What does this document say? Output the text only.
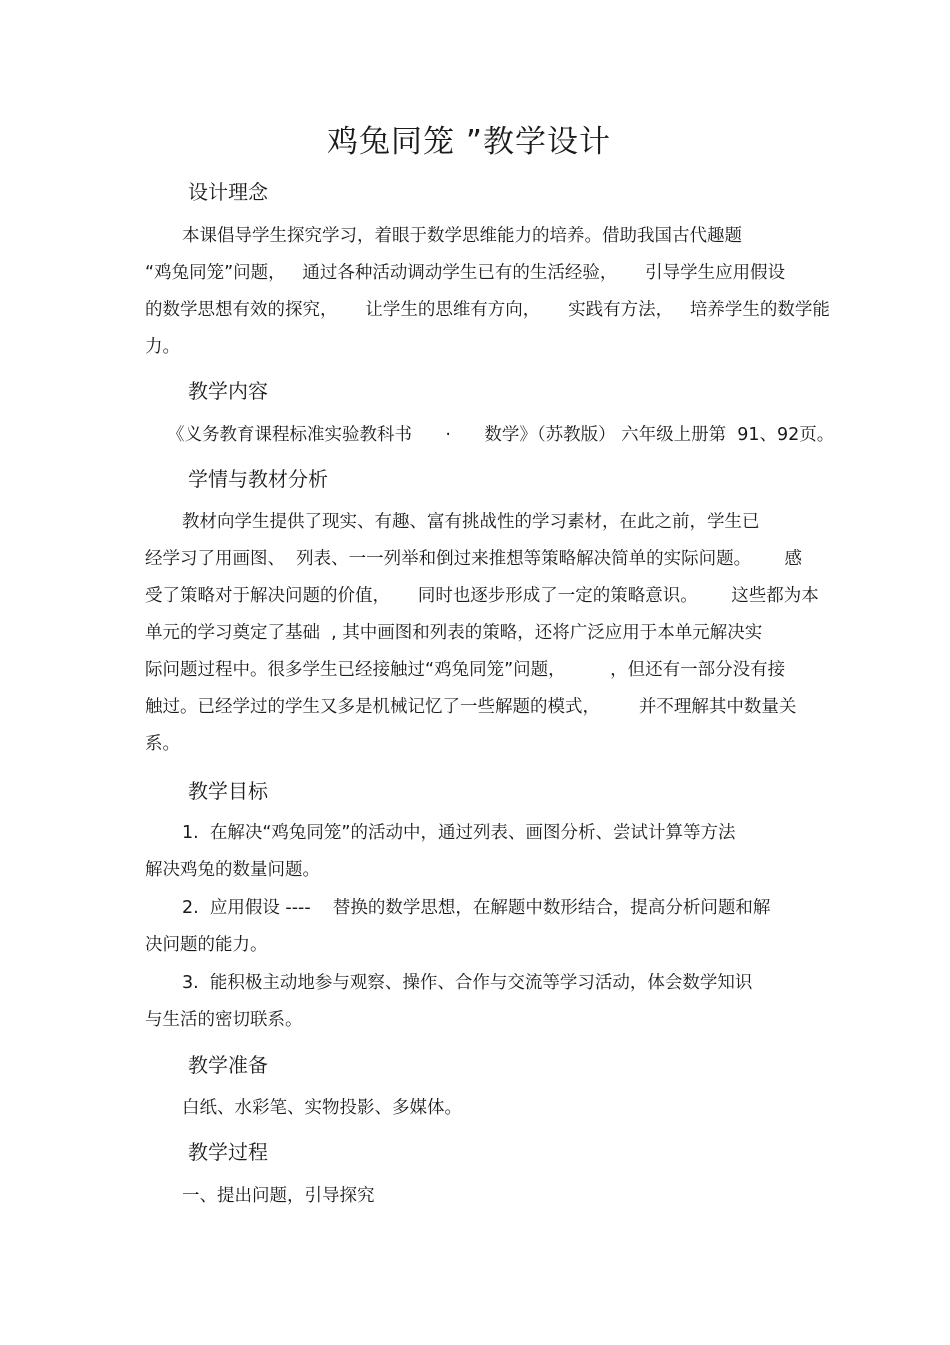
鸡兔同笼 ”教学设计
设计理念
本课倡导学生探究学习，着眼于数学思维能力的培养。借助我国古代趣题
“鸡兔同笼”问题，   通过各种活动调动学生已有的生活经验，     引导学生应用假设
的数学思想有效的探究，     让学生的思维有方向，     实践有方法，   培养学生的数学能
力。
教学内容
《义务教育课程标准实验教科书      ·      数学》（苏教版） 六年级上册第  91、92页。
学情与教材分析
教材向学生提供了现实、有趣、富有挑战性的学习素材，在此之前，学生已
经学习了用画图、  列表、一一列举和倒过来推想等策略解决简单的实际问题。      感
受了策略对于解决问题的价值，     同时也逐步形成了一定的策略意识。      这些都为本
单元的学习奠定了基础  , 其中画图和列表的策略，还将广泛应用于本单元解决实
际问题过程中。很多学生已经接触过“鸡兔同笼”问题，        ，但还有一部分没有接
触过。已经学过的学生又多是机械记忆了一些解题的模式，       并不理解其中数量关
系。
教学目标
1.  在解决“鸡兔同笼”的活动中，通过列表、画图分析、尝试计算等方法
解决鸡兔的数量问题。
2.  应用假设 ----    替换的数学思想，在解题中数形结合，提高分析问题和解
决问题的能力。
3.  能积极主动地参与观察、操作、合作与交流等学习活动，体会数学知识
与生活的密切联系。
教学准备
白纸、水彩笔、实物投影、多媒体。
教学过程
一、提出问题，引导探究
